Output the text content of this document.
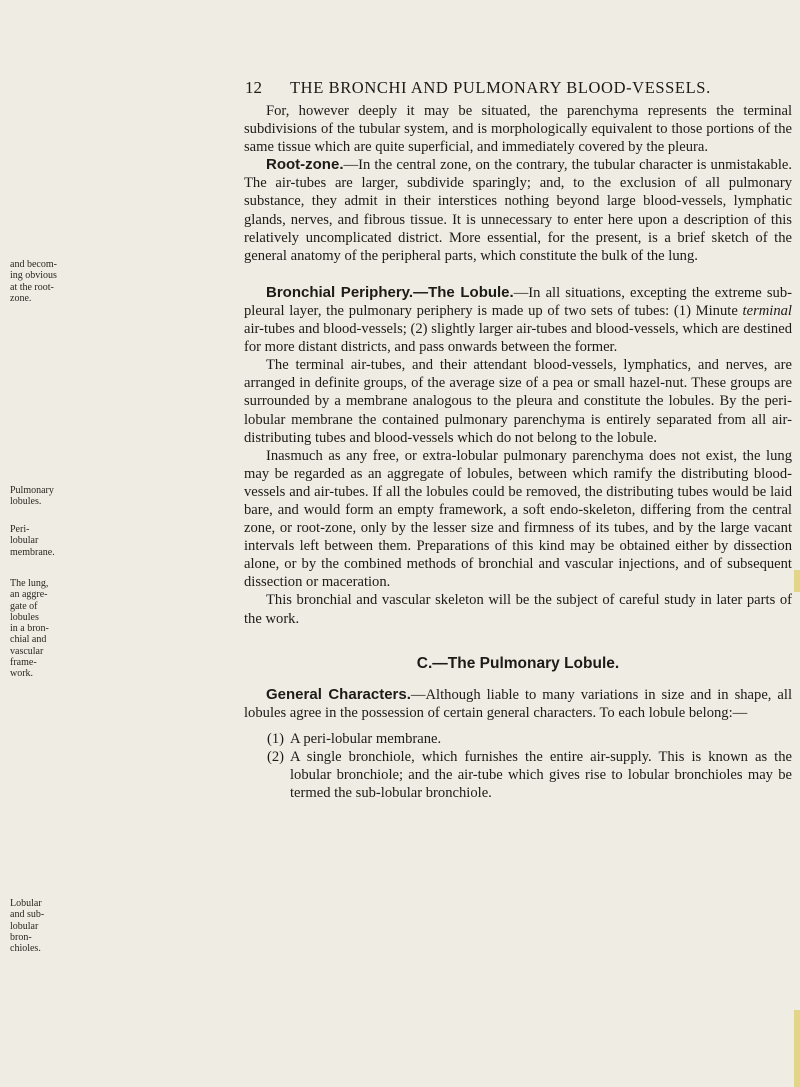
12 THE BRONCHI AND PULMONARY BLOOD-VESSELS.
and becom-
ing obvious
at the root-
zone.
Pulmonary
lobules.
Peri-
lobular
membrane.
The lung,
an aggre-
gate of
lobules
in a bron-
chial and
vascular
frame-
work.
Lobular
and sub-
lobular
bron-
chioles.

For, however deeply it may be situated, the parenchyma represents the terminal subdivisions of the tubular system, and is morphologically equivalent to those portions of the same tissue which are quite superficial, and immediately covered by the pleura.

Root-zone.—In the central zone, on the contrary, the tubular character is unmistakable. The air-tubes are larger, subdivide sparingly; and, to the exclusion of all pulmonary substance, they admit in their interstices nothing beyond large blood-vessels, lymphatic glands, nerves, and fibrous tissue. It is unnecessary to enter here upon a description of this relatively uncomplicated district. More essential, for the present, is a brief sketch of the general anatomy of the peripheral parts, which constitute the bulk of the lung.

Bronchial Periphery.—The Lobule.—In all situations, excepting the extreme sub-pleural layer, the pulmonary periphery is made up of two sets of tubes: (1) Minute terminal air-tubes and blood-vessels; (2) slightly larger air-tubes and blood-vessels, which are destined for more distant districts, and pass onwards between the former.

The terminal air-tubes, and their attendant blood-vessels, lymphatics, and nerves, are arranged in definite groups, of the average size of a pea or small hazel-nut. These groups are surrounded by a membrane analogous to the pleura and constitute the lobules. By the peri-lobular membrane the contained pulmonary parenchyma is entirely separated from all air-distributing tubes and blood-vessels which do not belong to the lobule.

Inasmuch as any free, or extra-lobular pulmonary parenchyma does not exist, the lung may be regarded as an aggregate of lobules, between which ramify the distributing blood-vessels and air-tubes. If all the lobules could be removed, the distributing tubes would be laid bare, and would form an empty framework, a soft endo-skeleton, differing from the central zone, or root-zone, only by the lesser size and firmness of its tubes, and by the large vacant intervals left between them. Preparations of this kind may be obtained either by dissection alone, or by the combined methods of bronchial and vascular injections, and of subsequent dissection or maceration.

This bronchial and vascular skeleton will be the subject of careful study in later parts of the work.

C.—The Pulmonary Lobule.

General Characters.—Although liable to many variations in size and in shape, all lobules agree in the possession of certain general characters. To each lobule belong:—

(1) A peri-lobular membrane.
(2) A single bronchiole, which furnishes the entire air-supply. This is known as the lobular bronchiole; and the air-tube which gives rise to lobular bronchioles may be termed the sub-lobular bronchiole.
